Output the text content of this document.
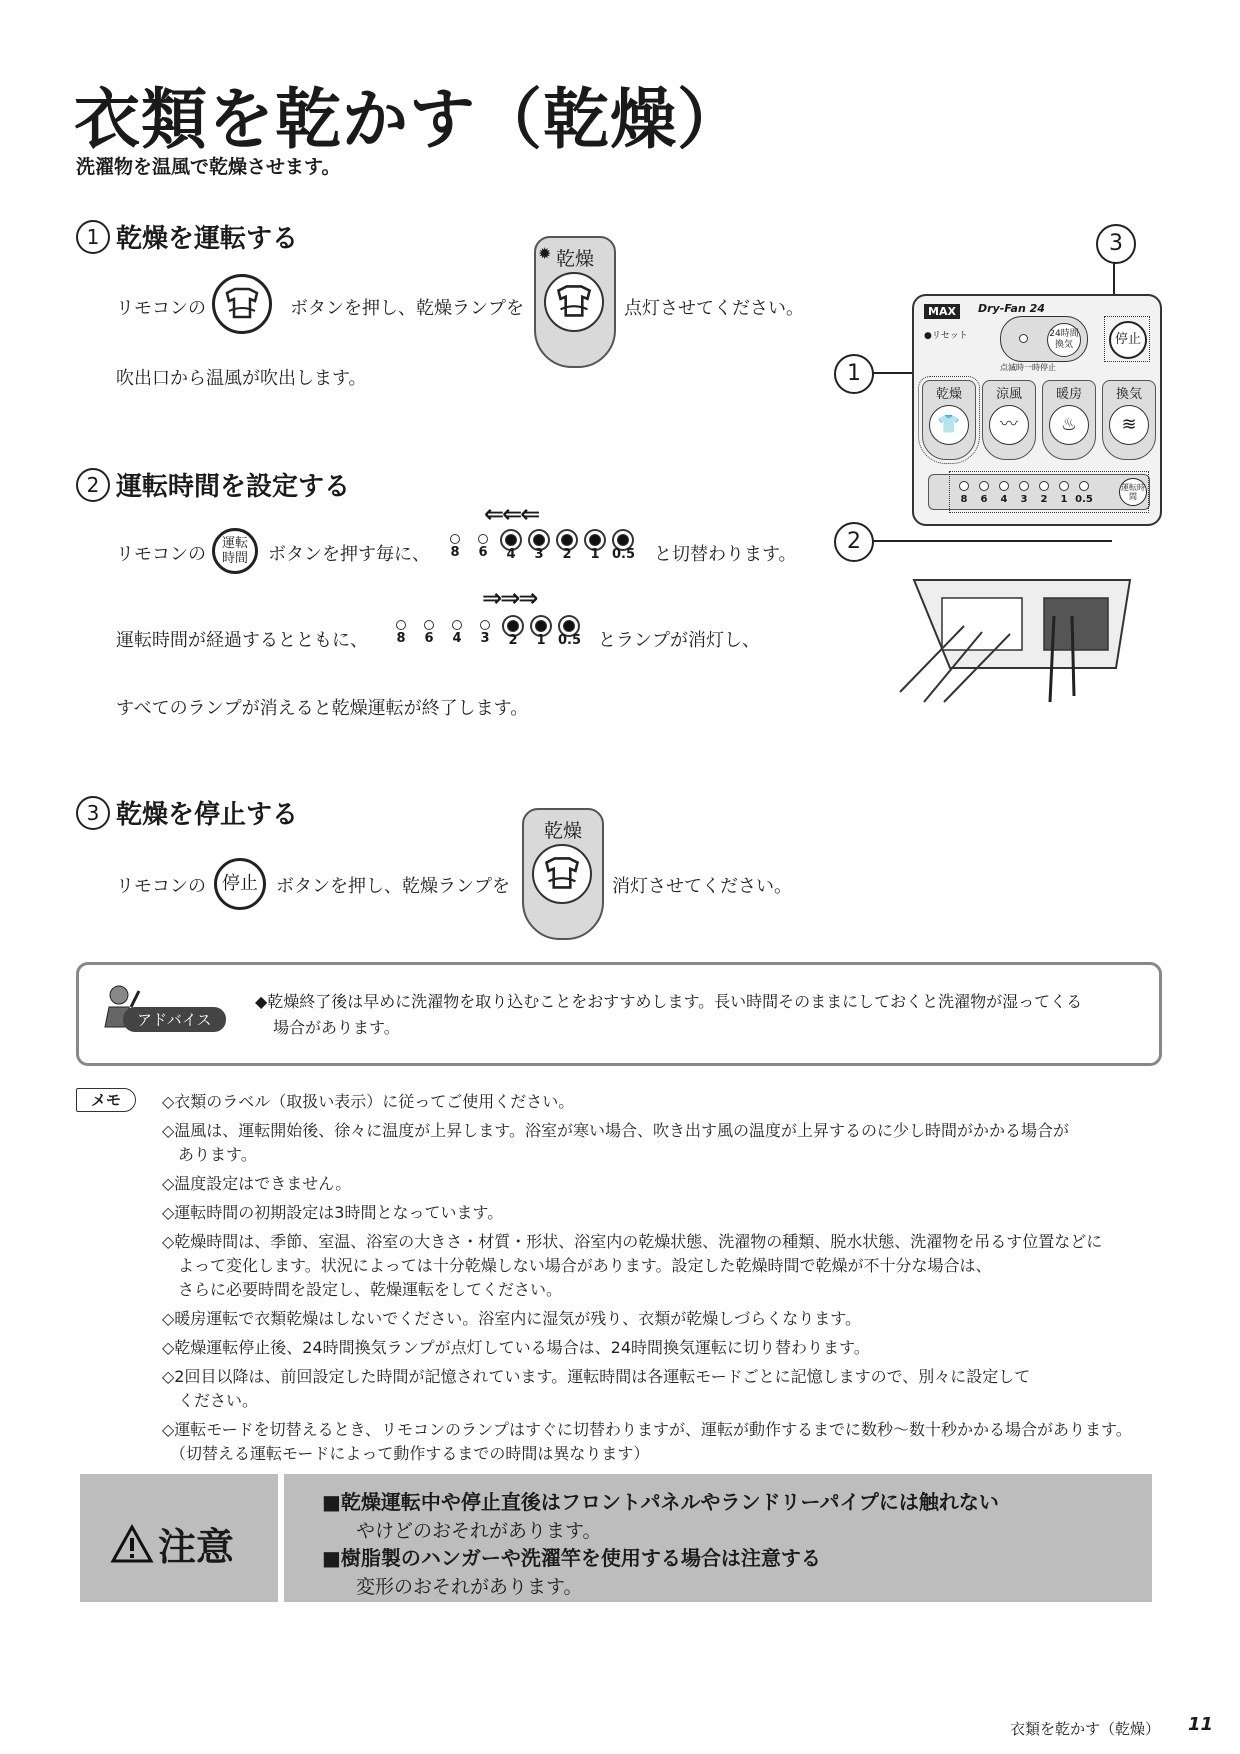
衣類を乾かす（乾燥）
洗濯物を温風で乾燥させます。
1 乾燥を運転する
リモコンの	ボタンを押し、乾燥ランプを
乾燥
✹
点灯させてください。
吹出口から温風が吹出します。
2 運転時間を設定する
リモコンの
運転時間	ボタンを押す毎に、
⇐⇐⇐
8	6	4	3	2	1 0.5 と切替わります。
⇒⇒⇒
運転時間が経過するとともに、	8	6	4	3	2	1 0.5 とランプが消灯し、
すべてのランプが消えると乾燥運転が終了します。
3
1
2
MAX	Dry-Fan 24
●リセット	24時間換気
点滅時一時停止
停止
乾燥
👕
涼風
〰
暖房
♨
換気
≋
8	6	4	3	2	1 0.5
運転時間
3 乾燥を停止する
リモコンの 停止	ボタンを押し、乾燥ランプを
乾燥
消灯させてください。
アドバイス
◆乾燥終了後は早めに洗濯物を取り込むことをおすすめします。長い時間そのままにしておくと洗濯物が湿ってくる
場合があります。
メモ	◇衣類のラベル（取扱い表示）に従ってご使用ください。
◇温風は、運転開始後、徐々に温度が上昇します。浴室が寒い場合、吹き出す風の温度が上昇するのに少し時間がかかる場合が
　あります。
◇温度設定はできません。
◇運転時間の初期設定は3時間となっています。
◇乾燥時間は、季節、室温、浴室の大きさ・材質・形状、浴室内の乾燥状態、洗濯物の種類、脱水状態、洗濯物を吊るす位置などに
　よって変化します。状況によっては十分乾燥しない場合があります。設定した乾燥時間で乾燥が不十分な場合は、
　さらに必要時間を設定し、乾燥運転をしてください。
◇暖房運転で衣類乾燥はしないでください。浴室内に湿気が残り、衣類が乾燥しづらくなります。
◇乾燥運転停止後、24時間換気ランプが点灯している場合は、24時間換気運転に切り替わります。
◇2回目以降は、前回設定した時間が記憶されています。運転時間は各運転モードごとに記憶しますので、別々に設定して
　ください。
◇運転モードを切替えるとき、リモコンのランプはすぐに切替わりますが、運転が動作するまでに数秒〜数十秒かかる場合があります。
　（切替える運転モードによって動作するまでの時間は異なります）
注意
■乾燥運転中や停止直後はフロントパネルやランドリーパイプには触れない
やけどのおそれがあります。
■樹脂製のハンガーや洗濯竿を使用する場合は注意する
変形のおそれがあります。
衣類を乾かす（乾燥） 11
